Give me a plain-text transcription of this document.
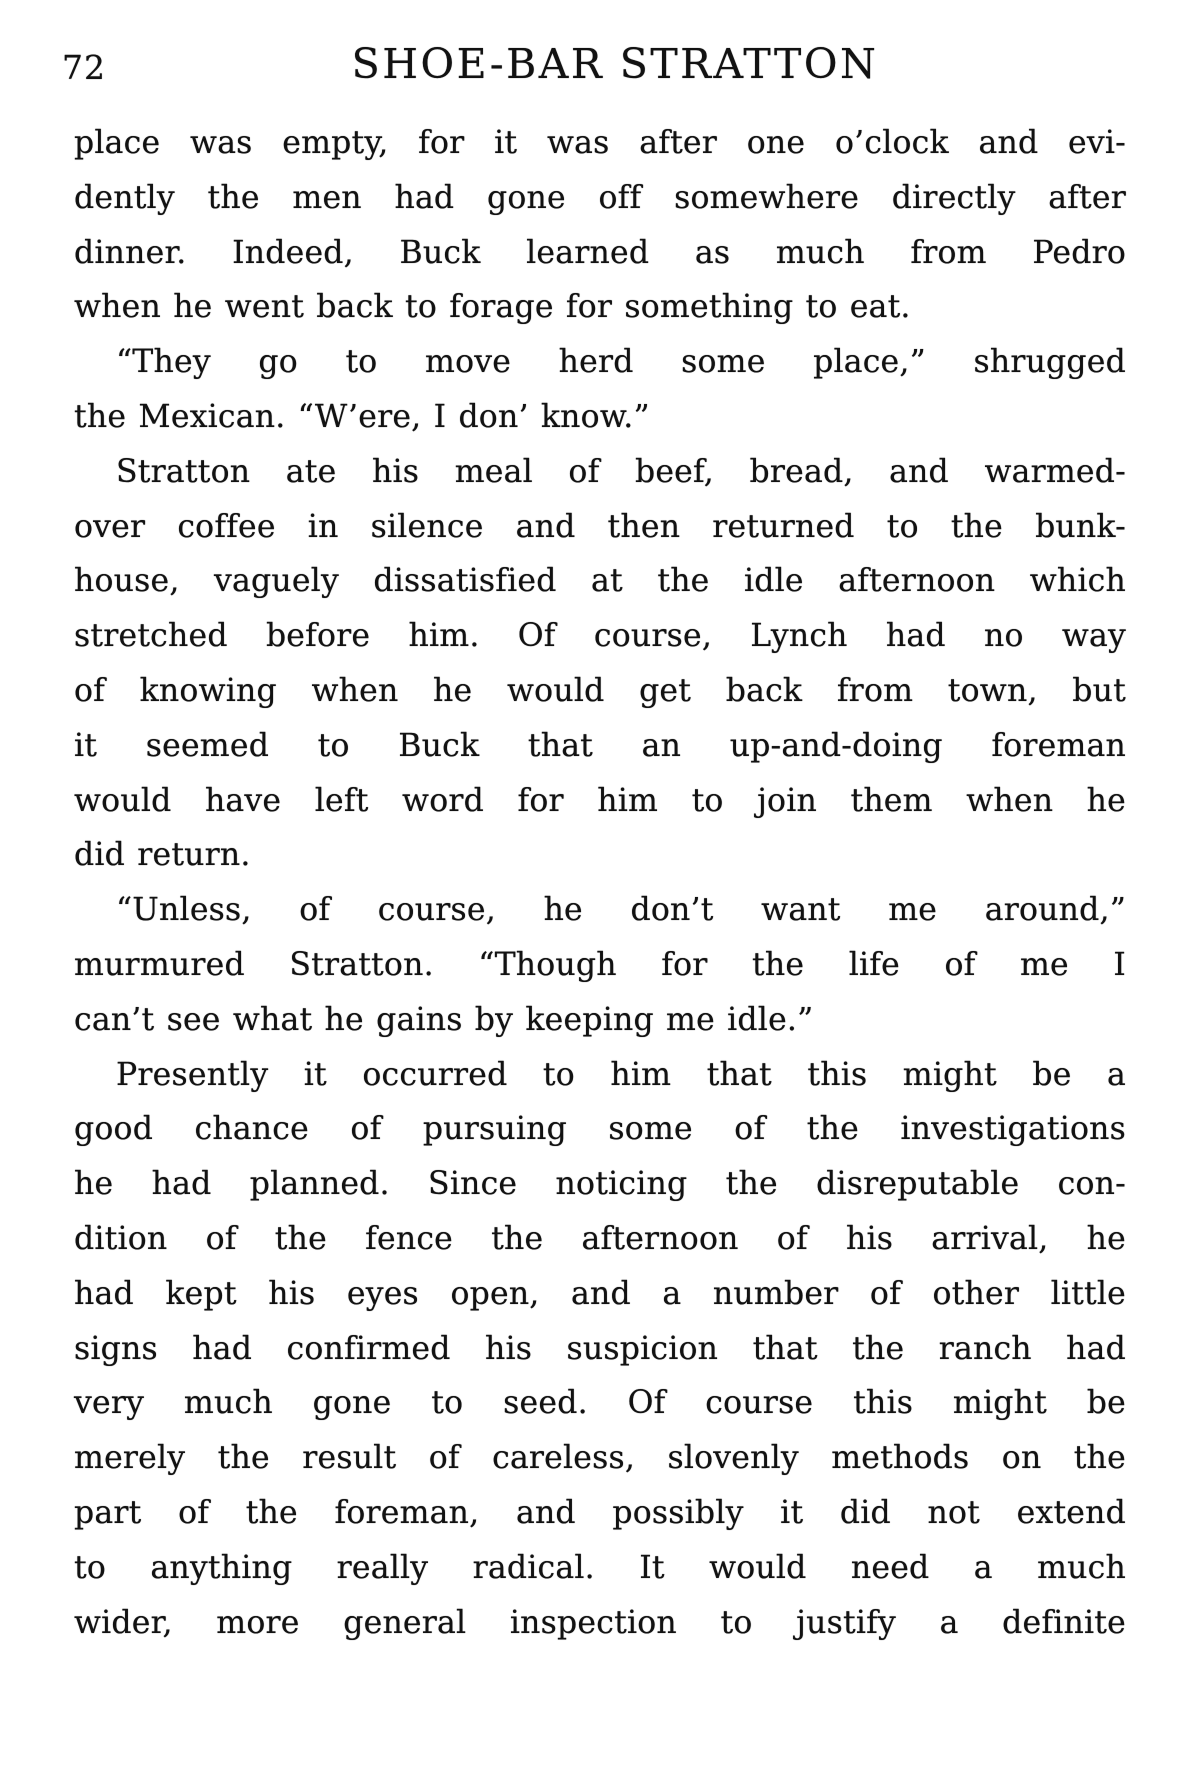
72	SHOE-BAR STRATTON
place was empty, for it was after one o’clock and evi-
dently the men had gone off somewhere directly after
dinner. Indeed, Buck learned as much from Pedro
when he went back to forage for something to eat.
“They go to move herd some place,” shrugged
the Mexican. “W’ere, I don’ know.”
Stratton ate his meal of beef, bread, and warmed-
over coffee in silence and then returned to the bunk-
house, vaguely dissatisfied at the idle afternoon which
stretched before him. Of course, Lynch had no way
of knowing when he would get back from town, but
it seemed to Buck that an up-and-doing foreman
would have left word for him to join them when he
did return.
“Unless, of course, he don’t want me around,”
murmured Stratton. “Though for the life of me I
can’t see what he gains by keeping me idle.”
Presently it occurred to him that this might be a
good chance of pursuing some of the investigations
he had planned. Since noticing the disreputable con-
dition of the fence the afternoon of his arrival, he
had kept his eyes open, and a number of other little
signs had confirmed his suspicion that the ranch had
very much gone to seed. Of course this might be
merely the result of careless, slovenly methods on the
part of the foreman, and possibly it did not extend
to anything really radical. It would need a much
wider, more general inspection to justify a definite
